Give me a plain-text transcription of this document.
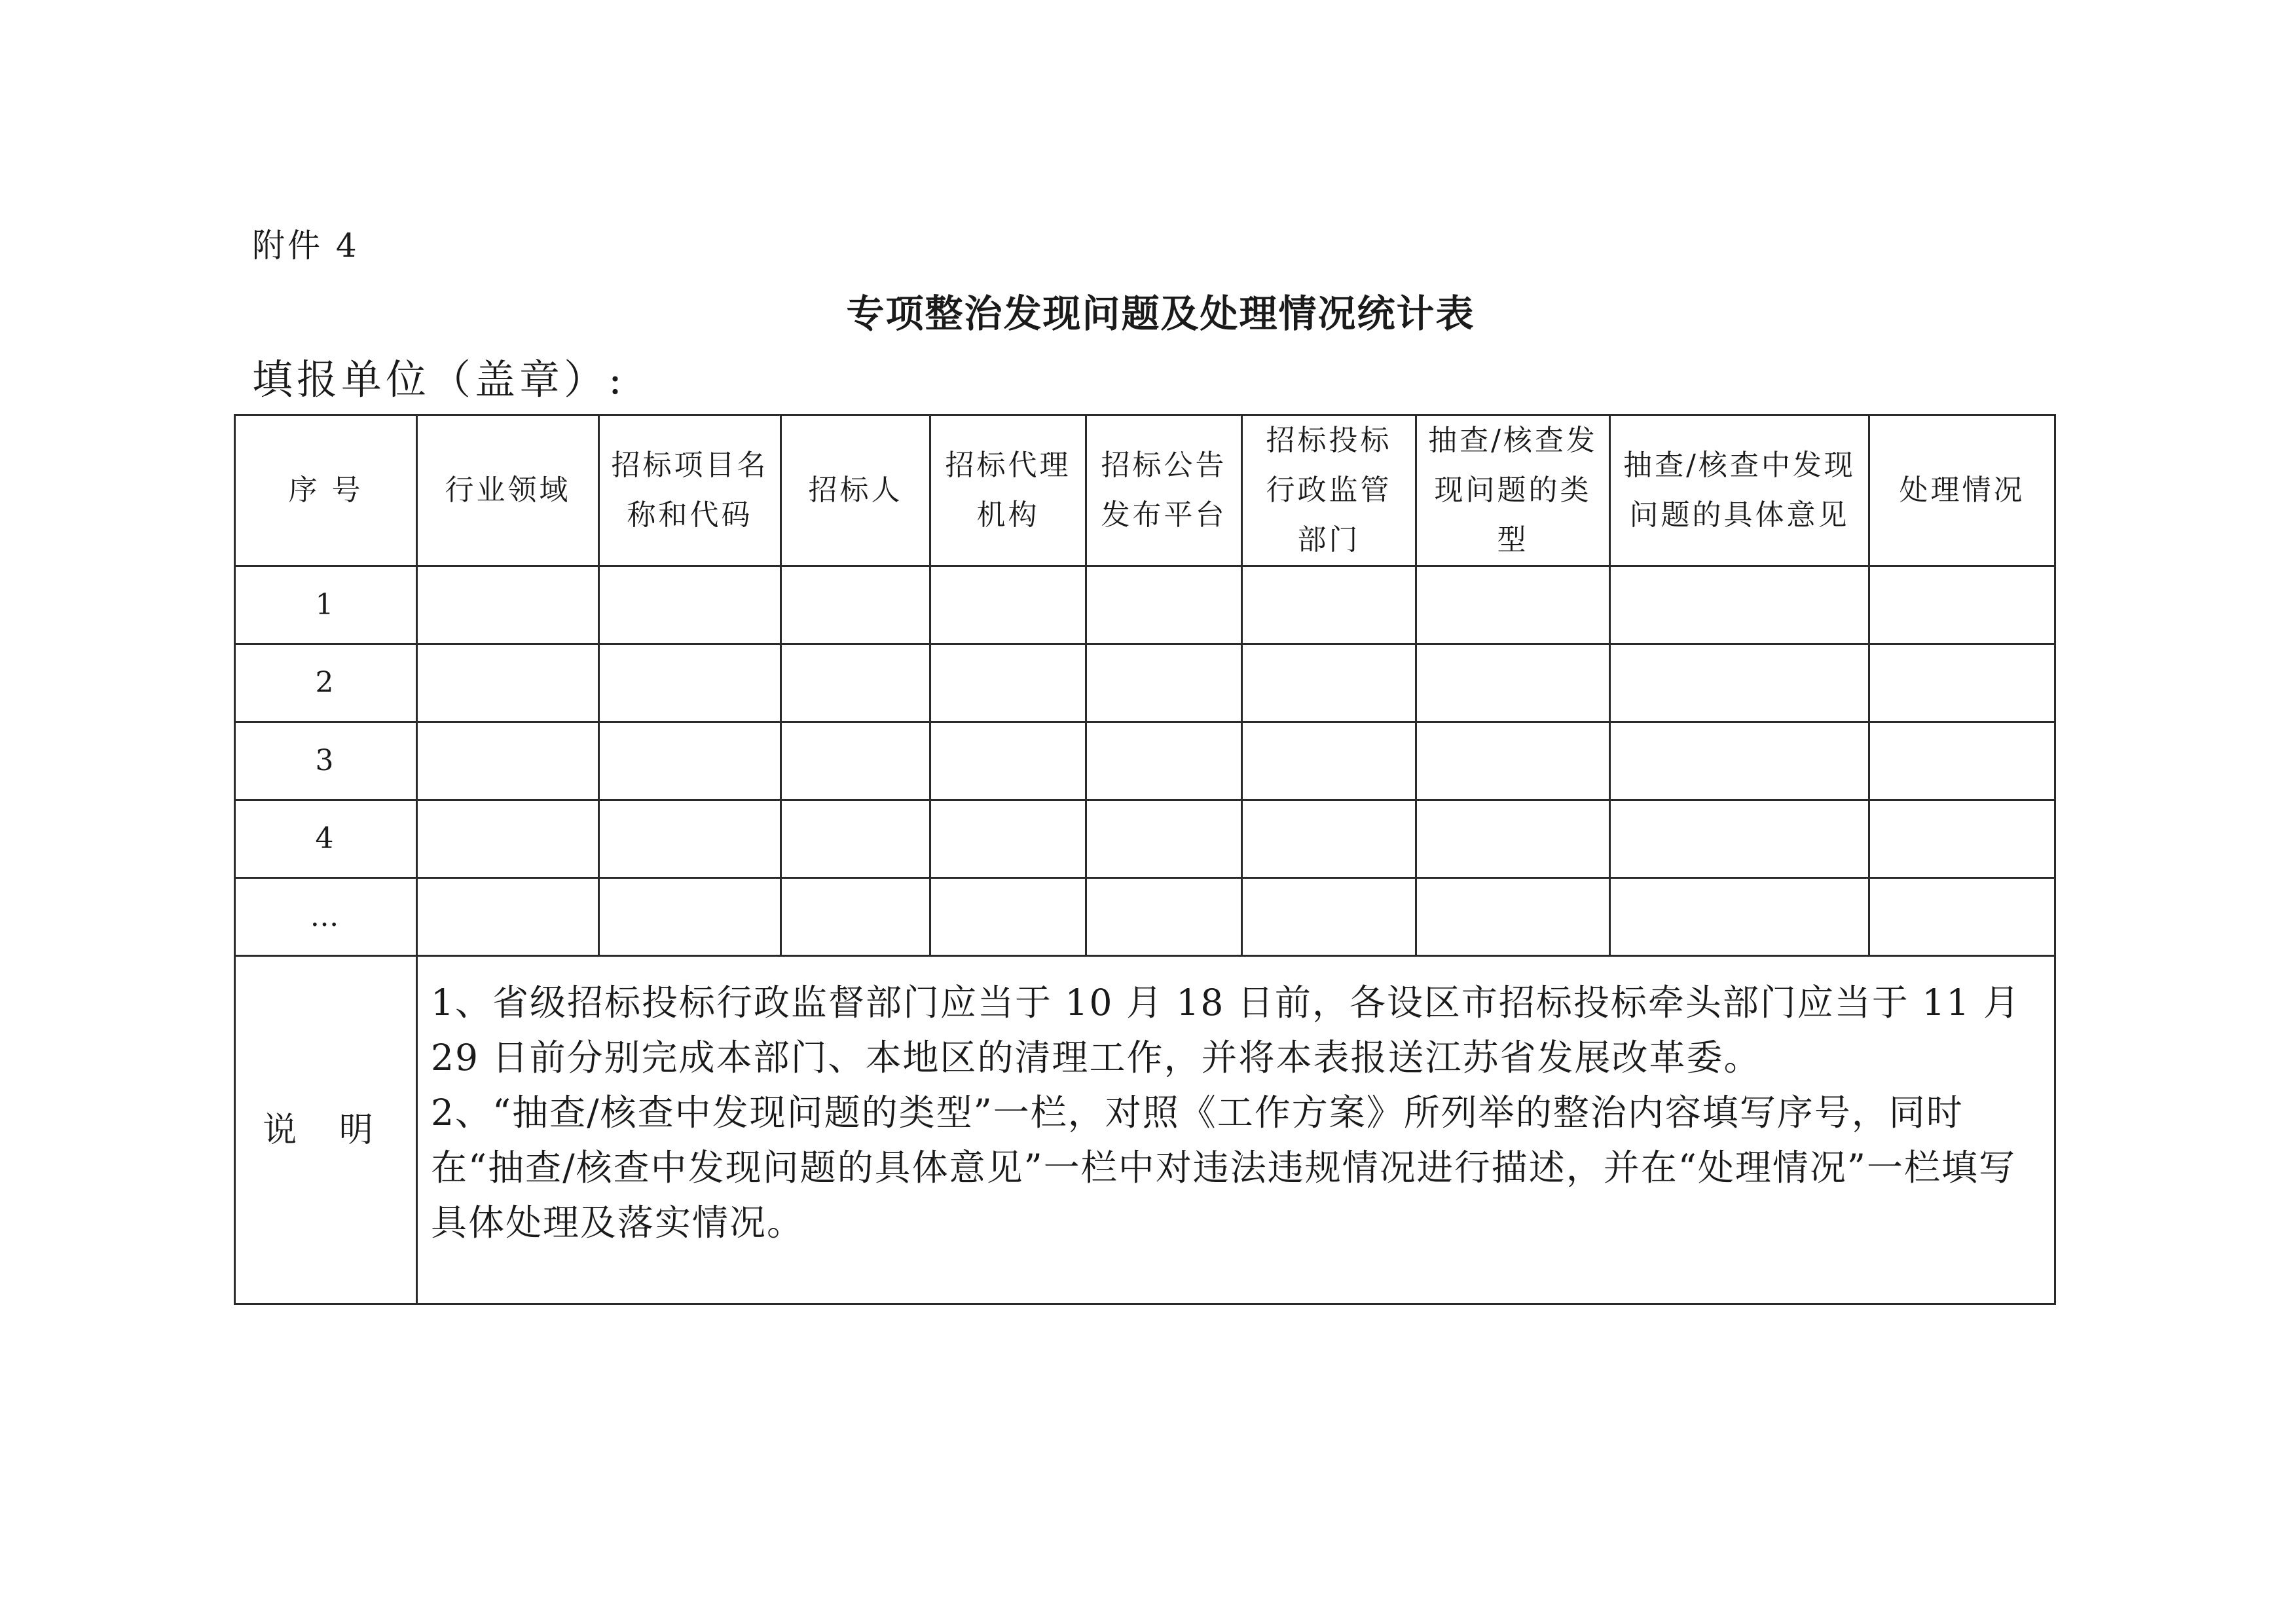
附件 4
专项整治发现问题及处理情况统计表
填报单位（盖章）:
序 号	行业领域	招标项目名称和代码	招标人	招标代理机构	招标公告发布平台	招标投标行政监管部门	抽查/核查发现问题的类型	抽查/核查中发现问题的具体意见	处理情况
1									
2									
3									
4									
…									
说 明	1、省级招标投标行政监督部门应当于 10 月 18 日前，各设区市招标投标牵头部门应当于 11 月 29 日前分别完成本部门、本地区的清理工作，并将本表报送江苏省发展改革委。

2、“抽查/核查中发现问题的类型”一栏，对照《工作方案》所列举的整治内容填写序号，同时在“抽查/核查中发现问题的具体意见”一栏中对违法违规情况进行描述，并在“处理情况”一栏填写具体处理及落实情况。								
